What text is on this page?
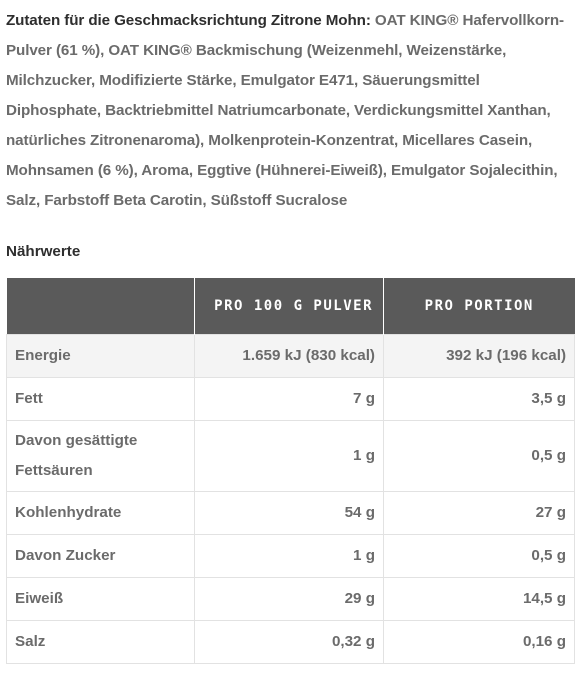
Zutaten für die Geschmacksrichtung Zitrone Mohn: OAT KING® Hafervollkorn-Pulver (61 %), OAT KING® Backmischung (Weizenmehl, Weizenstärke, Milchzucker, Modifizierte Stärke, Emulgator E471, Säuerungsmittel Diphosphate, Backtriebmittel Natriumcarbonate, Verdickungsmittel Xanthan, natürliches Zitronenaroma), Molkenprotein-Konzentrat, Micellares Casein, Mohnsamen (6 %), Aroma, Eggtive (Hühnerei-Eiweiß), Emulgator Sojalecithin, Salz, Farbstoff Beta Carotin, Süßstoff Sucralose

Nährwerte
	PRO 100 G PULVER	PRO PORTION
Energie	1.659 kJ (830 kcal)	392 kJ (196 kcal)
Fett	7 g	3,5 g
Davon gesättigte Fettsäuren	1 g	0,5 g
Kohlenhydrate	54 g	27 g
Davon Zucker	1 g	0,5 g
Eiweiß	29 g	14,5 g
Salz	0,32 g	0,16 g
